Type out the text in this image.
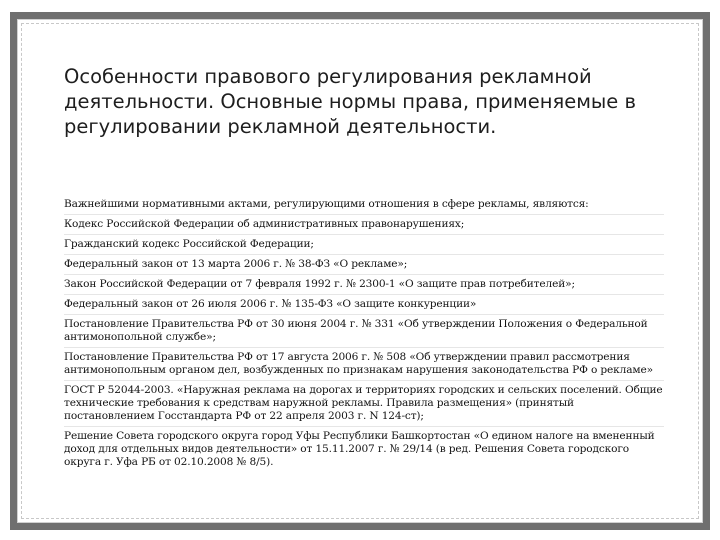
Особенности правового регулирования рекламной деятельности. Основные нормы права, применяемые в регулировании рекламной деятельности.

Важнейшими нормативными актами, регулирующими отношения в сфере рекламы, являются:

Кодекс Российской Федерации об административных правонарушениях;

Гражданский кодекс Российской Федерации;

Федеральный закон от 13 марта 2006 г. № 38-ФЗ «О рекламе»;

Закон Российской Федерации от 7 февраля 1992 г. № 2300-1 «О защите прав потребителей»;

Федеральный закон от 26 июля 2006 г. № 135-ФЗ «О защите конкуренции»

Постановление Правительства РФ от 30 июня 2004 г. № 331 «Об утверждении Положения о Федеральной антимонопольной службе»;

Постановление Правительства РФ от 17 августа 2006 г. № 508 «Об утверждении правил рассмотрения антимонопольным органом дел, возбужденных по признакам нарушения законодательства РФ о рекламе»

ГОСТ Р 52044-2003. «Наружная реклама на дорогах и территориях городских и сельских поселений. Общие технические требования к средствам наружной рекламы. Правила размещения» (принятый постановлением Госстандарта РФ от 22 апреля 2003 г. N 124-ст);

Решение Совета городского округа город Уфы Республики Башкортостан «О едином налоге на вмененный доход для отдельных видов деятельности» от 15.11.2007 г. № 29/14 (в ред. Решения Совета городского округа г. Уфа РБ от 02.10.2008 № 8/5).
